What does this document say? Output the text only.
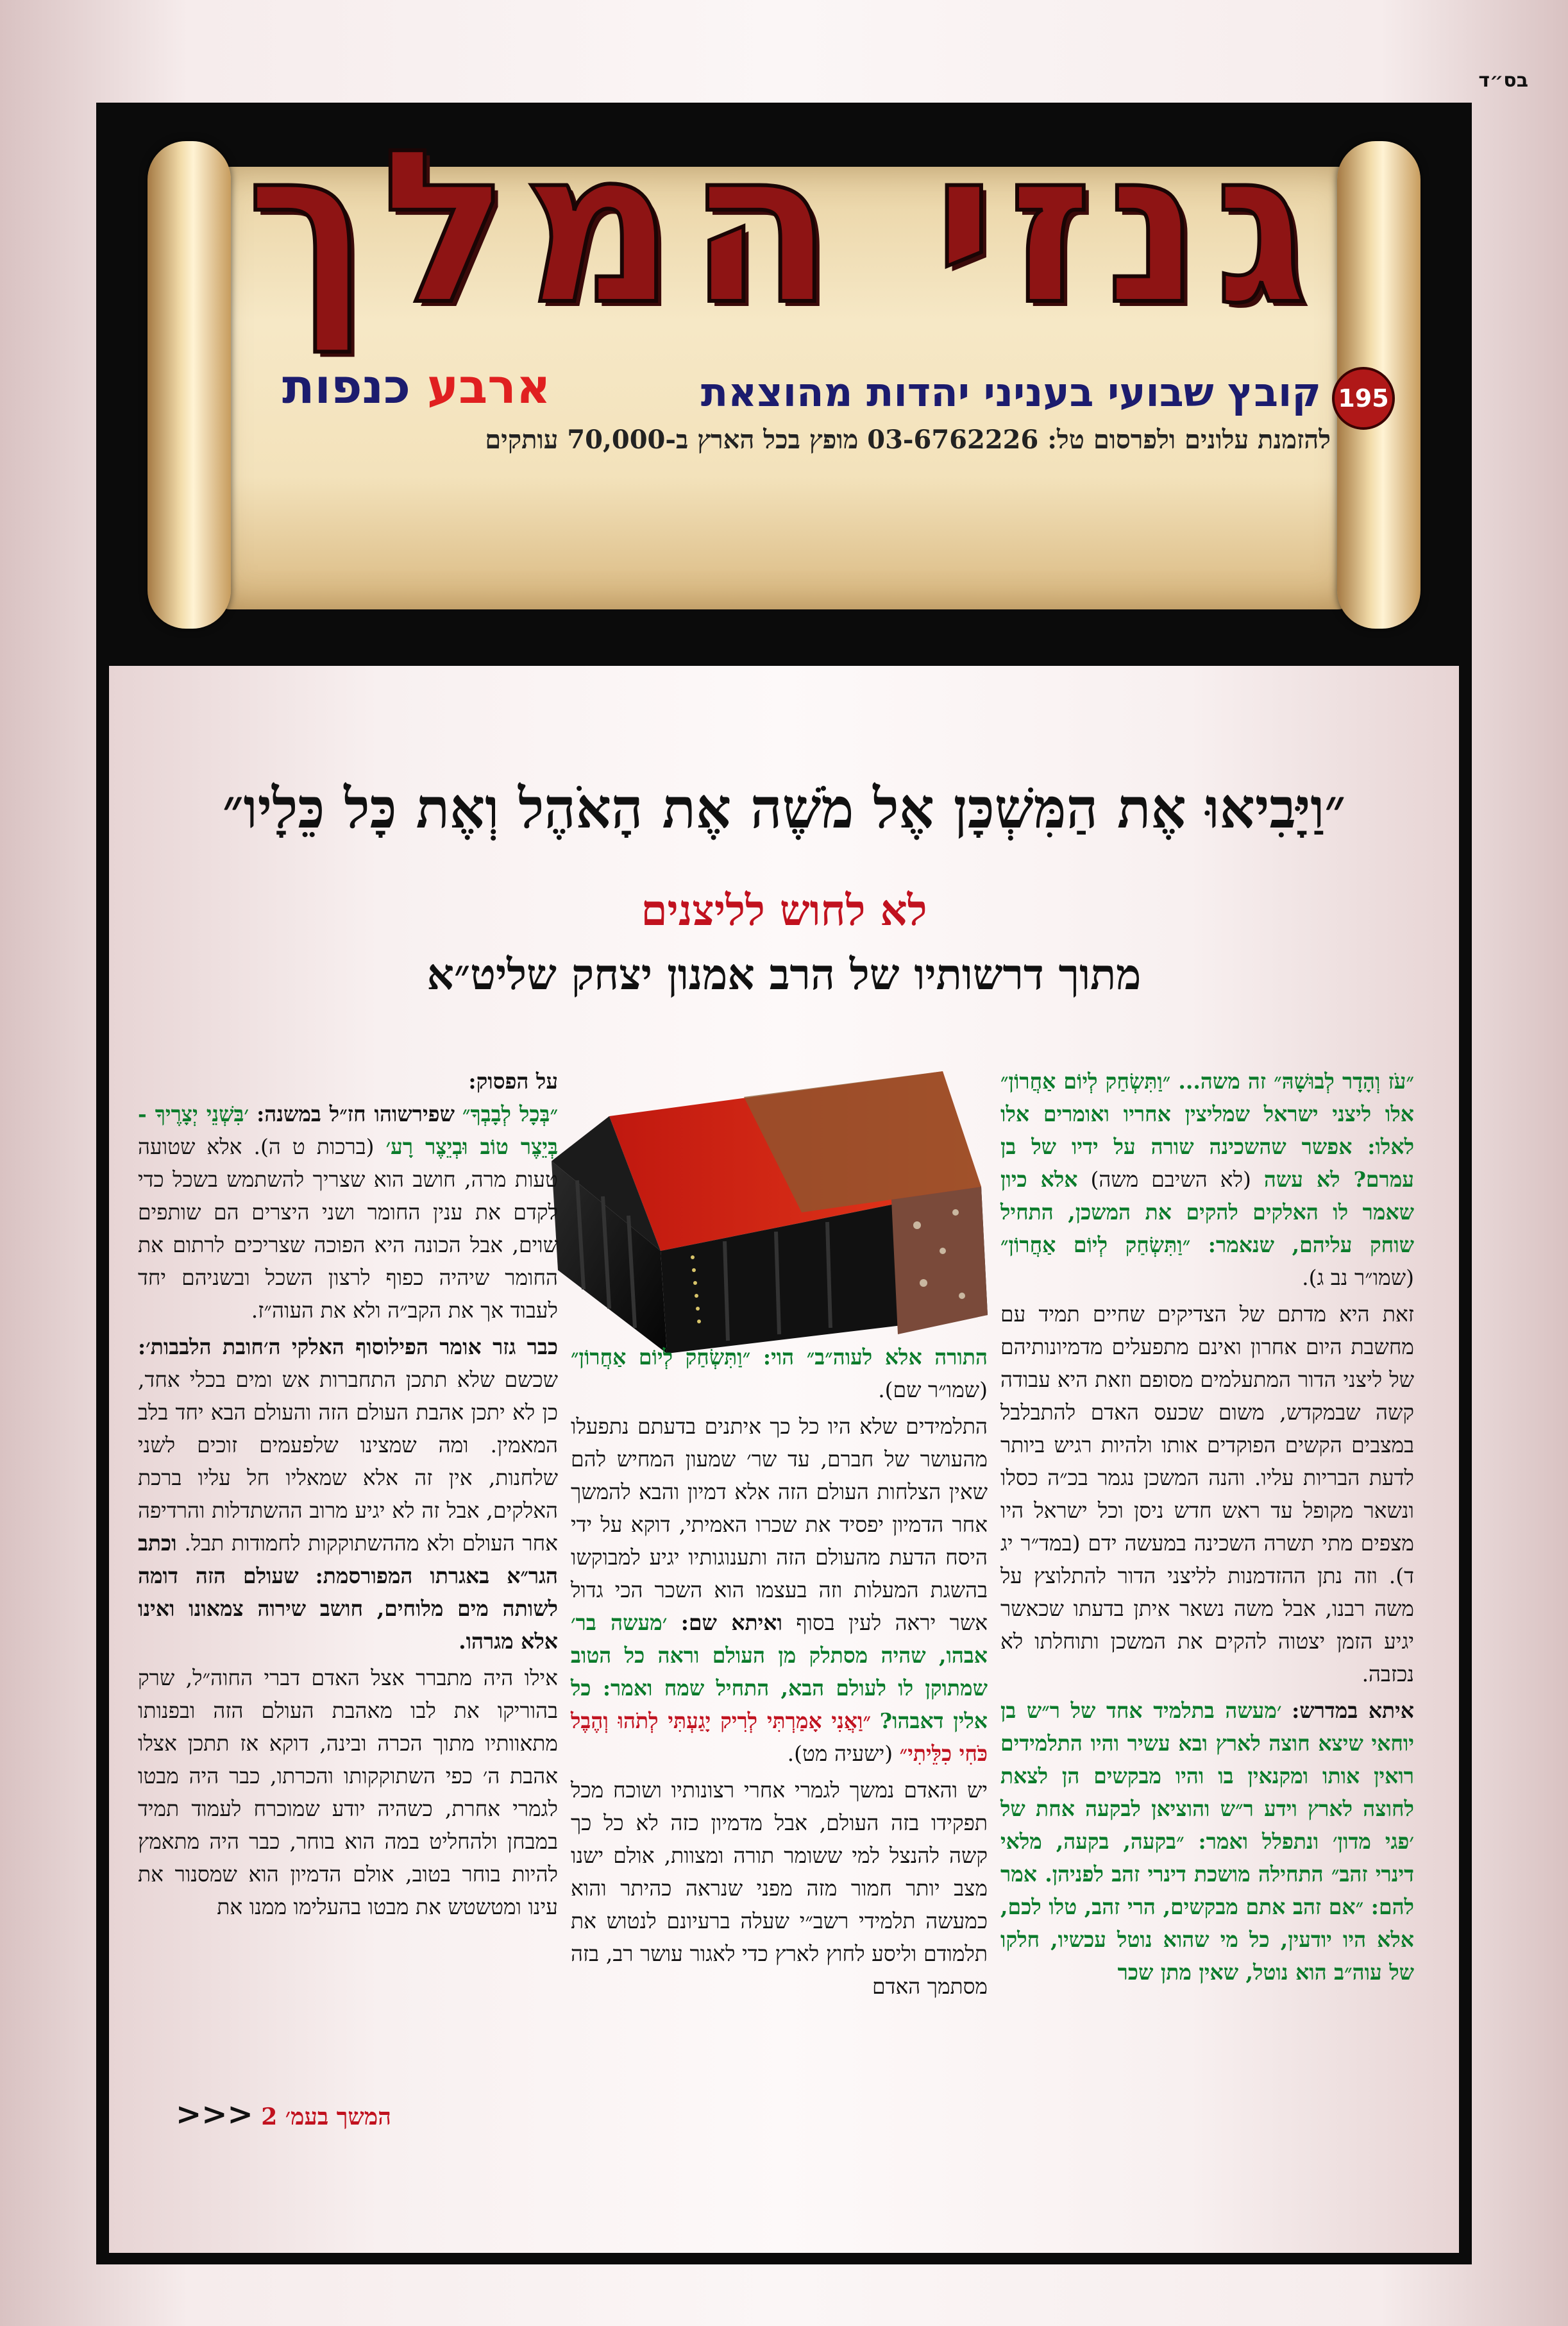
בס״ד
גנזי המלך
195
קובץ שבועי בעניני יהדות מהוצאת
ארבע כנפות
להזמנת עלונים ולפרסום טל: 03-6762226 מופץ בכל הארץ ב-70,000 עותקים
״וַיָּבִיאוּ אֶת הַמִּשְׁכָּן אֶל מֹשֶׁה אֶת הָאֹהֶל וְאֶת כָּל כֵּלָיו״
לא לחוש לליצנים
מתוך דרשותיו של הרב אמנון יצחק שליט״א

״עֹז וְהָדָר לְבוּשָׁהּ״ זה משה... ״וַתִּשְׂחַק לְיוֹם אַחֲרוֹן״ אלו ליצני ישראל שמליצין אחריו ואומרים אלו לאלו: אפשר שהשכינה שורה על ידיו של בן עמרם? לא עשה (לא השיבם משה) אלא כיון שאמר לו האלקים להקים את המשכן, התחיל שוחק עליהם, שנאמר: ״וַתִּשְׂחַק לְיוֹם אַחֲרוֹן״ (שמו״ר נב ג).

זאת היא מדתם של הצדיקים שחיים תמיד עם מחשבת היום אחרון ואינם מתפעלים מדמיונותיהם של ליצני הדור המתעלמים מסופם וזאת היא עבודה קשה שבמקדש, משום שכעס האדם להתבלבל במצבים הקשים הפוקדים אותו ולהיות רגיש ביותר לדעת הבריות עליו. והנה המשכן נגמר בכ״ה כסלו ונשאר מקופל עד ראש חדש ניסן וכל ישראל היו מצפים מתי תשרה השכינה במעשה ידם (במד״ר יג ד). וזה נתן ההזדמנות לליצני הדור להתלוצץ על משה רבנו, אבל משה נשאר איתן בדעתו שכאשר יגיע הזמן יצטוה להקים את המשכן ותוחלתו לא נכזבה.

איתא במדרש: ׳מעשה בתלמיד אחד של ר״ש בן יוחאי שיצא חוצה לארץ ובא עשיר והיו התלמידים רואין אותו ומקנאין בו והיו מבקשים הן לצאת לחוצה לארץ וידע ר״ש והוציאן לבקעה אחת של ׳פגי מדון׳ ונתפלל ואמר: ״בקעה, בקעה, מלאי דינרי זהב״ התחילה מושכת דינרי זהב לפניהן. אמר להם: ״אם זהב אתם מבקשים, הרי זהב, טלו לכם, אלא היו יודעין, כל מי שהוא נוטל עכשיו, חלקו של עוה״ב הוא נוטל, שאין מתן שכר

התורה אלא לעוה״ב״ הוי: ״וַתִּשְׂחַק לְיוֹם אַחֲרוֹן״ (שמו״ר שם).

התלמידים שלא היו כל כך איתנים בדעתם נתפעלו מהעושר של חברם, עד שר׳ שמעון המחיש להם שאין הצלחות העולם הזה אלא דמיון והבא להמשך אחר הדמיון יפסיד את שכרו האמיתי, דוקא על ידי היסח הדעת מהעולם הזה ותענוגותיו יגיע למבוקשו בהשגת המעלות וזה בעצמו הוא השכר הכי גדול אשר יראה לעין בסוף ואיתא שם: ׳מעשה בר׳ אבהו, שהיה מסתלק מן העולם וראה כל הטוב שמתוקן לו לעולם הבא, התחיל שמח ואמר: כל אלין דאבהו? ״וַאֲנִי אָמַרְתִּי לְרִיק יָגַעְתִּי לְתֹהוּ וְהֶבֶל כֹּחִי כִלֵּיתִי״ (ישעיה מט).

יש והאדם נמשך לגמרי אחרי רצונותיו ושוכח מכל תפקידו בזה העולם, אבל מדמיון כזה לא כל כך קשה להנצל למי ששומר תורה ומצוות, אולם ישנו מצב יותר חמור מזה מפני שנראה כהיתר והוא כמעשה תלמידי רשב״י שעלה ברעיונם לנטוש את תלמודם וליסע לחוץ לארץ כדי לאגור עושר רב, בזה מסתמך האדם

על הפסוק:
״בְּכָל לְבָבְךָ״ שפירשוהו חז״ל במשנה: ׳בִּשְׁנֵי יְצָרֶיךָ - בְּיֵצֶר טוֹב וּבְיֵצֶר רָע׳ (ברכות ט ה). אלא שטועה טעות מרה, חושב הוא שצריך להשתמש בשכל כדי לקדם את ענין החומר ושני היצרים הם שותפים שוים, אבל הכונה היא הפוכה שצריכים לרתום את החומר שיהיה כפוף לרצון השכל ובשניהם יחד לעבוד אך את הקב״ה ולא את העוה״ז.

כבר גזר אומר הפילוסוף האלקי ה׳חובת הלבבות׳: שכשם שלא תתכן התחברות אש ומים בכלי אחד, כן לא יתכן אהבת העולם הזה והעולם הבא יחד בלב המאמין. ומה שמצינו שלפעמים זוכים לשני שלחנות, אין זה אלא שמאליו חל עליו ברכת האלקים, אבל זה לא יגיע מרוב ההשתדלות והרדיפה אחר העולם ולא מההשתוקקות לחמודות תבל. וכתב הגר״א באגרתו המפורסמת: שעולם הזה דומה לשותה מים מלוחים, חושב שירוה צמאונו ואינו אלא מגרהו.

אילו היה מתברר אצל האדם דברי החוה״ל, שרק בהוריקו את לבו מאהבת העולם הזה ובפנותו מתאוותיו מתוך הכרה ובינה, דוקא אז תתכן אצלו אהבת ה׳ כפי השתוקקותו והכרתו, כבר היה מבטו לגמרי אחרת, כשהיה יודע שמוכרח לעמוד תמיד במבחן ולהחליט במה הוא בוחר, כבר היה מתאמץ להיות בוחר בטוב, אולם הדמיון הוא שמסנור את עינו ומטשטש את מבטו בהעלימו ממנו את

המשך בעמ׳ 2 <<<
